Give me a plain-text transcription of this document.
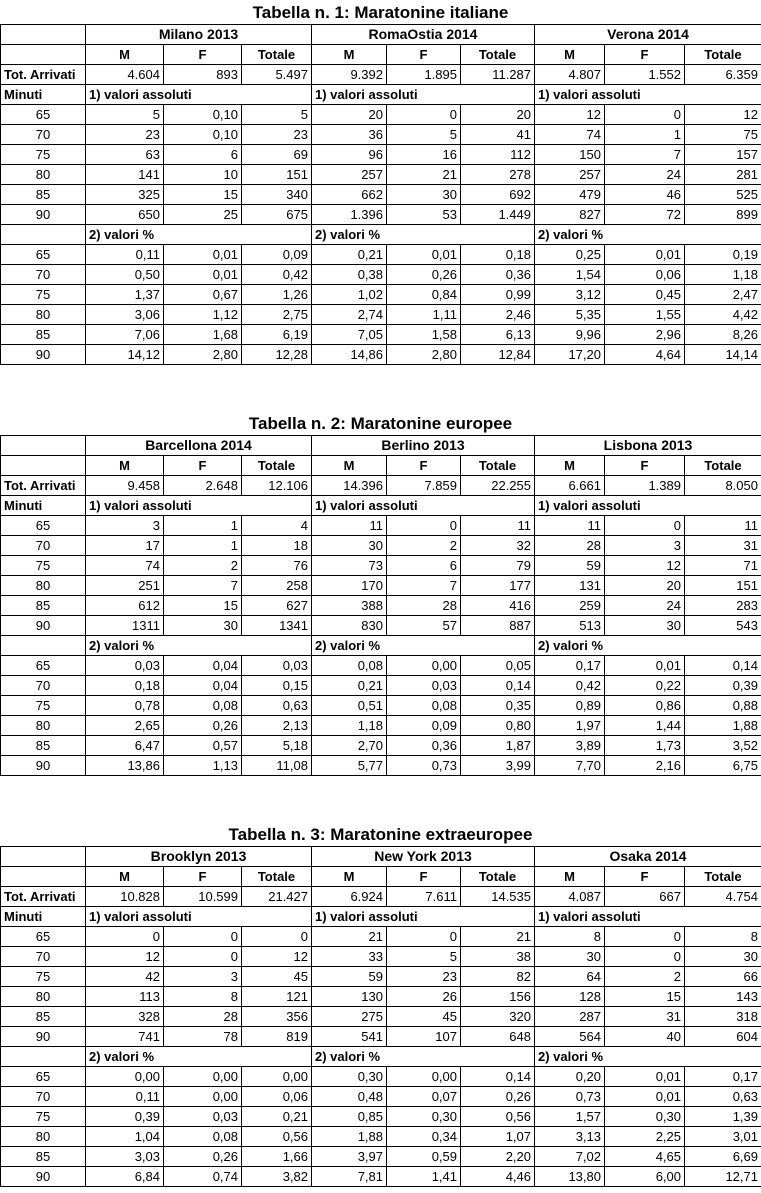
Tabella n. 1: Maratonine italiane
Milano 2013	RomaOstia 2014	Verona 2014
M	F	Totale	M	F	Totale	M	F	Totale
Tot. Arrivati	4.604	893	5.497	9.392	1.895	11.287	4.807	1.552	6.359
Minuti	1) valori assoluti	1) valori assoluti	1) valori assoluti
65	5	0,10	5	20	0	20	12	0	12
70	23	0,10	23	36	5	41	74	1	75
75	63	6	69	96	16	112	150	7	157
80	141	10	151	257	21	278	257	24	281
85	325	15	340	662	30	692	479	46	525
90	650	25	675	1.396	53	1.449	827	72	899
2) valori %	2) valori %	2) valori %
65	0,11	0,01	0,09	0,21	0,01	0,18	0,25	0,01	0,19
70	0,50	0,01	0,42	0,38	0,26	0,36	1,54	0,06	1,18
75	1,37	0,67	1,26	1,02	0,84	0,99	3,12	0,45	2,47
80	3,06	1,12	2,75	2,74	1,11	2,46	5,35	1,55	4,42
85	7,06	1,68	6,19	7,05	1,58	6,13	9,96	2,96	8,26
90	14,12	2,80	12,28	14,86	2,80	12,84	17,20	4,64	14,14
Tabella n. 2: Maratonine europee
Barcellona 2014	Berlino 2013	Lisbona 2013
M	F	Totale	M	F	Totale	M	F	Totale
Tot. Arrivati	9.458	2.648	12.106	14.396	7.859	22.255	6.661	1.389	8.050
Minuti	1) valori assoluti	1) valori assoluti	1) valori assoluti
65	3	1	4	11	0	11	11	0	11
70	17	1	18	30	2	32	28	3	31
75	74	2	76	73	6	79	59	12	71
80	251	7	258	170	7	177	131	20	151
85	612	15	627	388	28	416	259	24	283
90	1311	30	1341	830	57	887	513	30	543
2) valori %	2) valori %	2) valori %
65	0,03	0,04	0,03	0,08	0,00	0,05	0,17	0,01	0,14
70	0,18	0,04	0,15	0,21	0,03	0,14	0,42	0,22	0,39
75	0,78	0,08	0,63	0,51	0,08	0,35	0,89	0,86	0,88
80	2,65	0,26	2,13	1,18	0,09	0,80	1,97	1,44	1,88
85	6,47	0,57	5,18	2,70	0,36	1,87	3,89	1,73	3,52
90	13,86	1,13	11,08	5,77	0,73	3,99	7,70	2,16	6,75
Tabella n. 3: Maratonine extraeuropee
Brooklyn 2013	New York 2013	Osaka 2014
M	F	Totale	M	F	Totale	M	F	Totale
Tot. Arrivati	10.828	10.599	21.427	6.924	7.611	14.535	4.087	667	4.754
Minuti	1) valori assoluti	1) valori assoluti	1) valori assoluti
65	0	0	0	21	0	21	8	0	8
70	12	0	12	33	5	38	30	0	30
75	42	3	45	59	23	82	64	2	66
80	113	8	121	130	26	156	128	15	143
85	328	28	356	275	45	320	287	31	318
90	741	78	819	541	107	648	564	40	604
2) valori %	2) valori %	2) valori %
65	0,00	0,00	0,00	0,30	0,00	0,14	0,20	0,01	0,17
70	0,11	0,00	0,06	0,48	0,07	0,26	0,73	0,01	0,63
75	0,39	0,03	0,21	0,85	0,30	0,56	1,57	0,30	1,39
80	1,04	0,08	0,56	1,88	0,34	1,07	3,13	2,25	3,01
85	3,03	0,26	1,66	3,97	0,59	2,20	7,02	4,65	6,69
90	6,84	0,74	3,82	7,81	1,41	4,46	13,80	6,00	12,71
